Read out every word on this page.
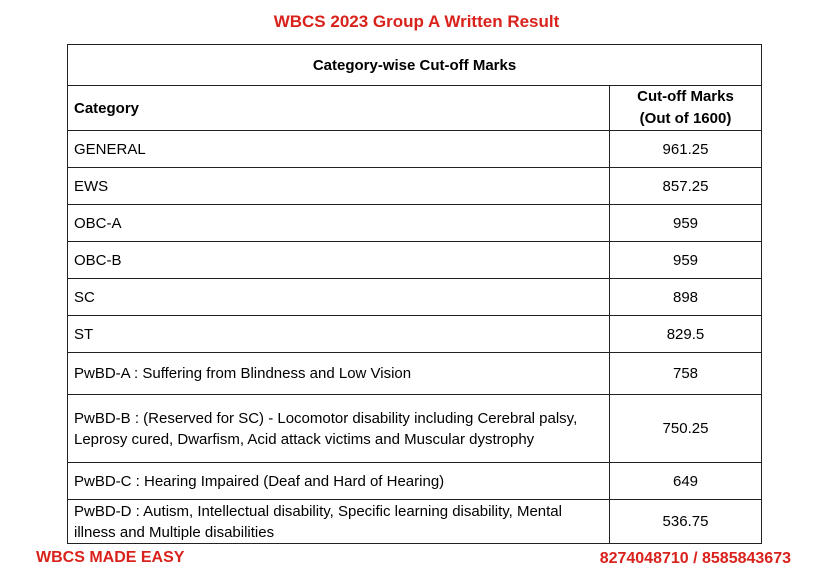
WBCS 2023 Group A Written Result
Category-wise Cut-off Marks	
Category	Cut-off Marks
(Out of 1600)

GENERAL	961.25
EWS	857.25
OBC-A	959
OBC-B	959
SC	898
ST	829.5
PwBD-A : Suffering from Blindness and Low Vision	758
PwBD-B : (Reserved for SC) - Locomotor disability including Cerebral palsy, Leprosy cured, Dwarfism, Acid attack victims and Muscular dystrophy	750.25
PwBD-C : Hearing Impaired (Deaf and Hard of Hearing)	649
PwBD-D : Autism, Intellectual disability, Specific learning disability, Mental illness and Multiple disabilities	536.75
WBCS MADE EASY	8274048710 / 8585843673
